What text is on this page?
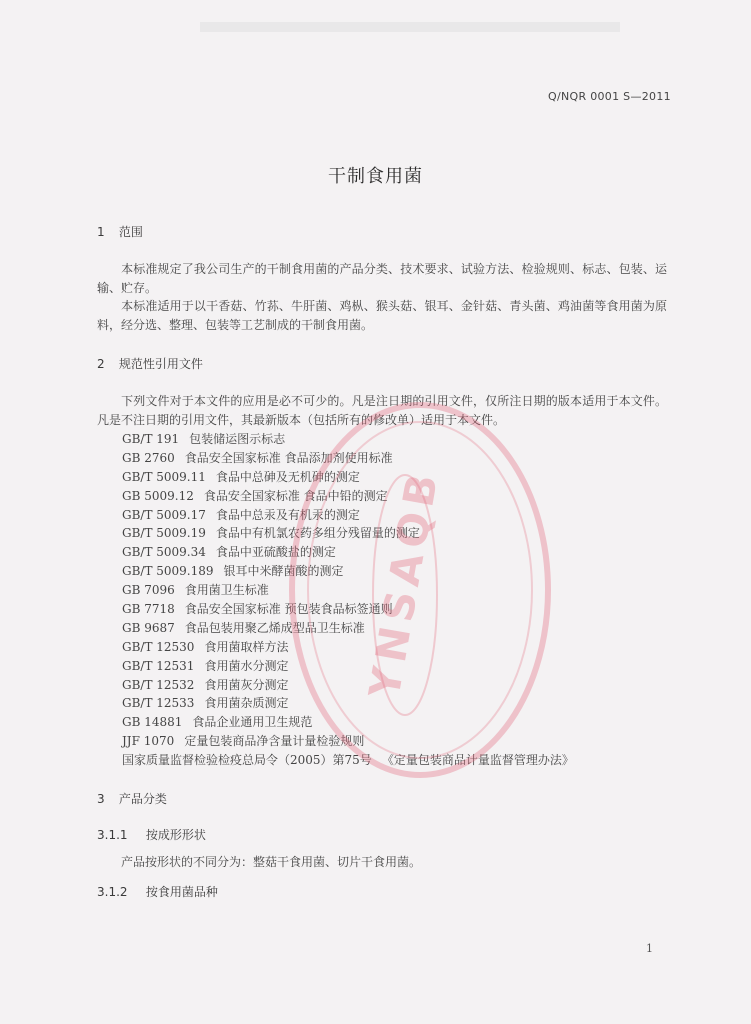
Q/NQR 0001 S—2011
干制食用菌
1 范围
本标准规定了我公司生产的干制食用菌的产品分类、技术要求、试验方法、检验规则、标志、包装、运输、贮存。
本标准适用于以干香菇、竹荪、牛肝菌、鸡枞、猴头菇、银耳、金针菇、青头菌、鸡油菌等食用菌为原料，经分选、整理、包装等工艺制成的干制食用菌。
2 规范性引用文件
下列文件对于本文件的应用是必不可少的。凡是注日期的引用文件，仅所注日期的版本适用于本文件。凡是不注日期的引用文件，其最新版本（包括所有的修改单）适用于本文件。
GB/T 191 包装储运图示标志
GB 2760 食品安全国家标准 食品添加剂使用标准
GB/T 5009.11 食品中总砷及无机砷的测定
GB 5009.12 食品安全国家标准 食品中铅的测定
GB/T 5009.17 食品中总汞及有机汞的测定
GB/T 5009.19 食品中有机氯农药多组分残留量的测定
GB/T 5009.34 食品中亚硫酸盐的测定
GB/T 5009.189 银耳中米酵菌酸的测定
GB 7096 食用菌卫生标准
GB 7718 食品安全国家标准 预包装食品标签通则
GB 9687 食品包装用聚乙烯成型品卫生标准
GB/T 12530 食用菌取样方法
GB/T 12531 食用菌水分测定
GB/T 12532 食用菌灰分测定
GB/T 12533 食用菌杂质测定
GB 14881 食品企业通用卫生规范
JJF 1070 定量包装商品净含量计量检验规则
国家质量监督检验检疫总局令（2005）第75号 《定量包装商品计量监督管理办法》
3 产品分类
3.1.1 按成形形状
产品按形状的不同分为：整菇干食用菌、切片干食用菌。
3.1.2 按食用菌品种
YNSAQB
1
